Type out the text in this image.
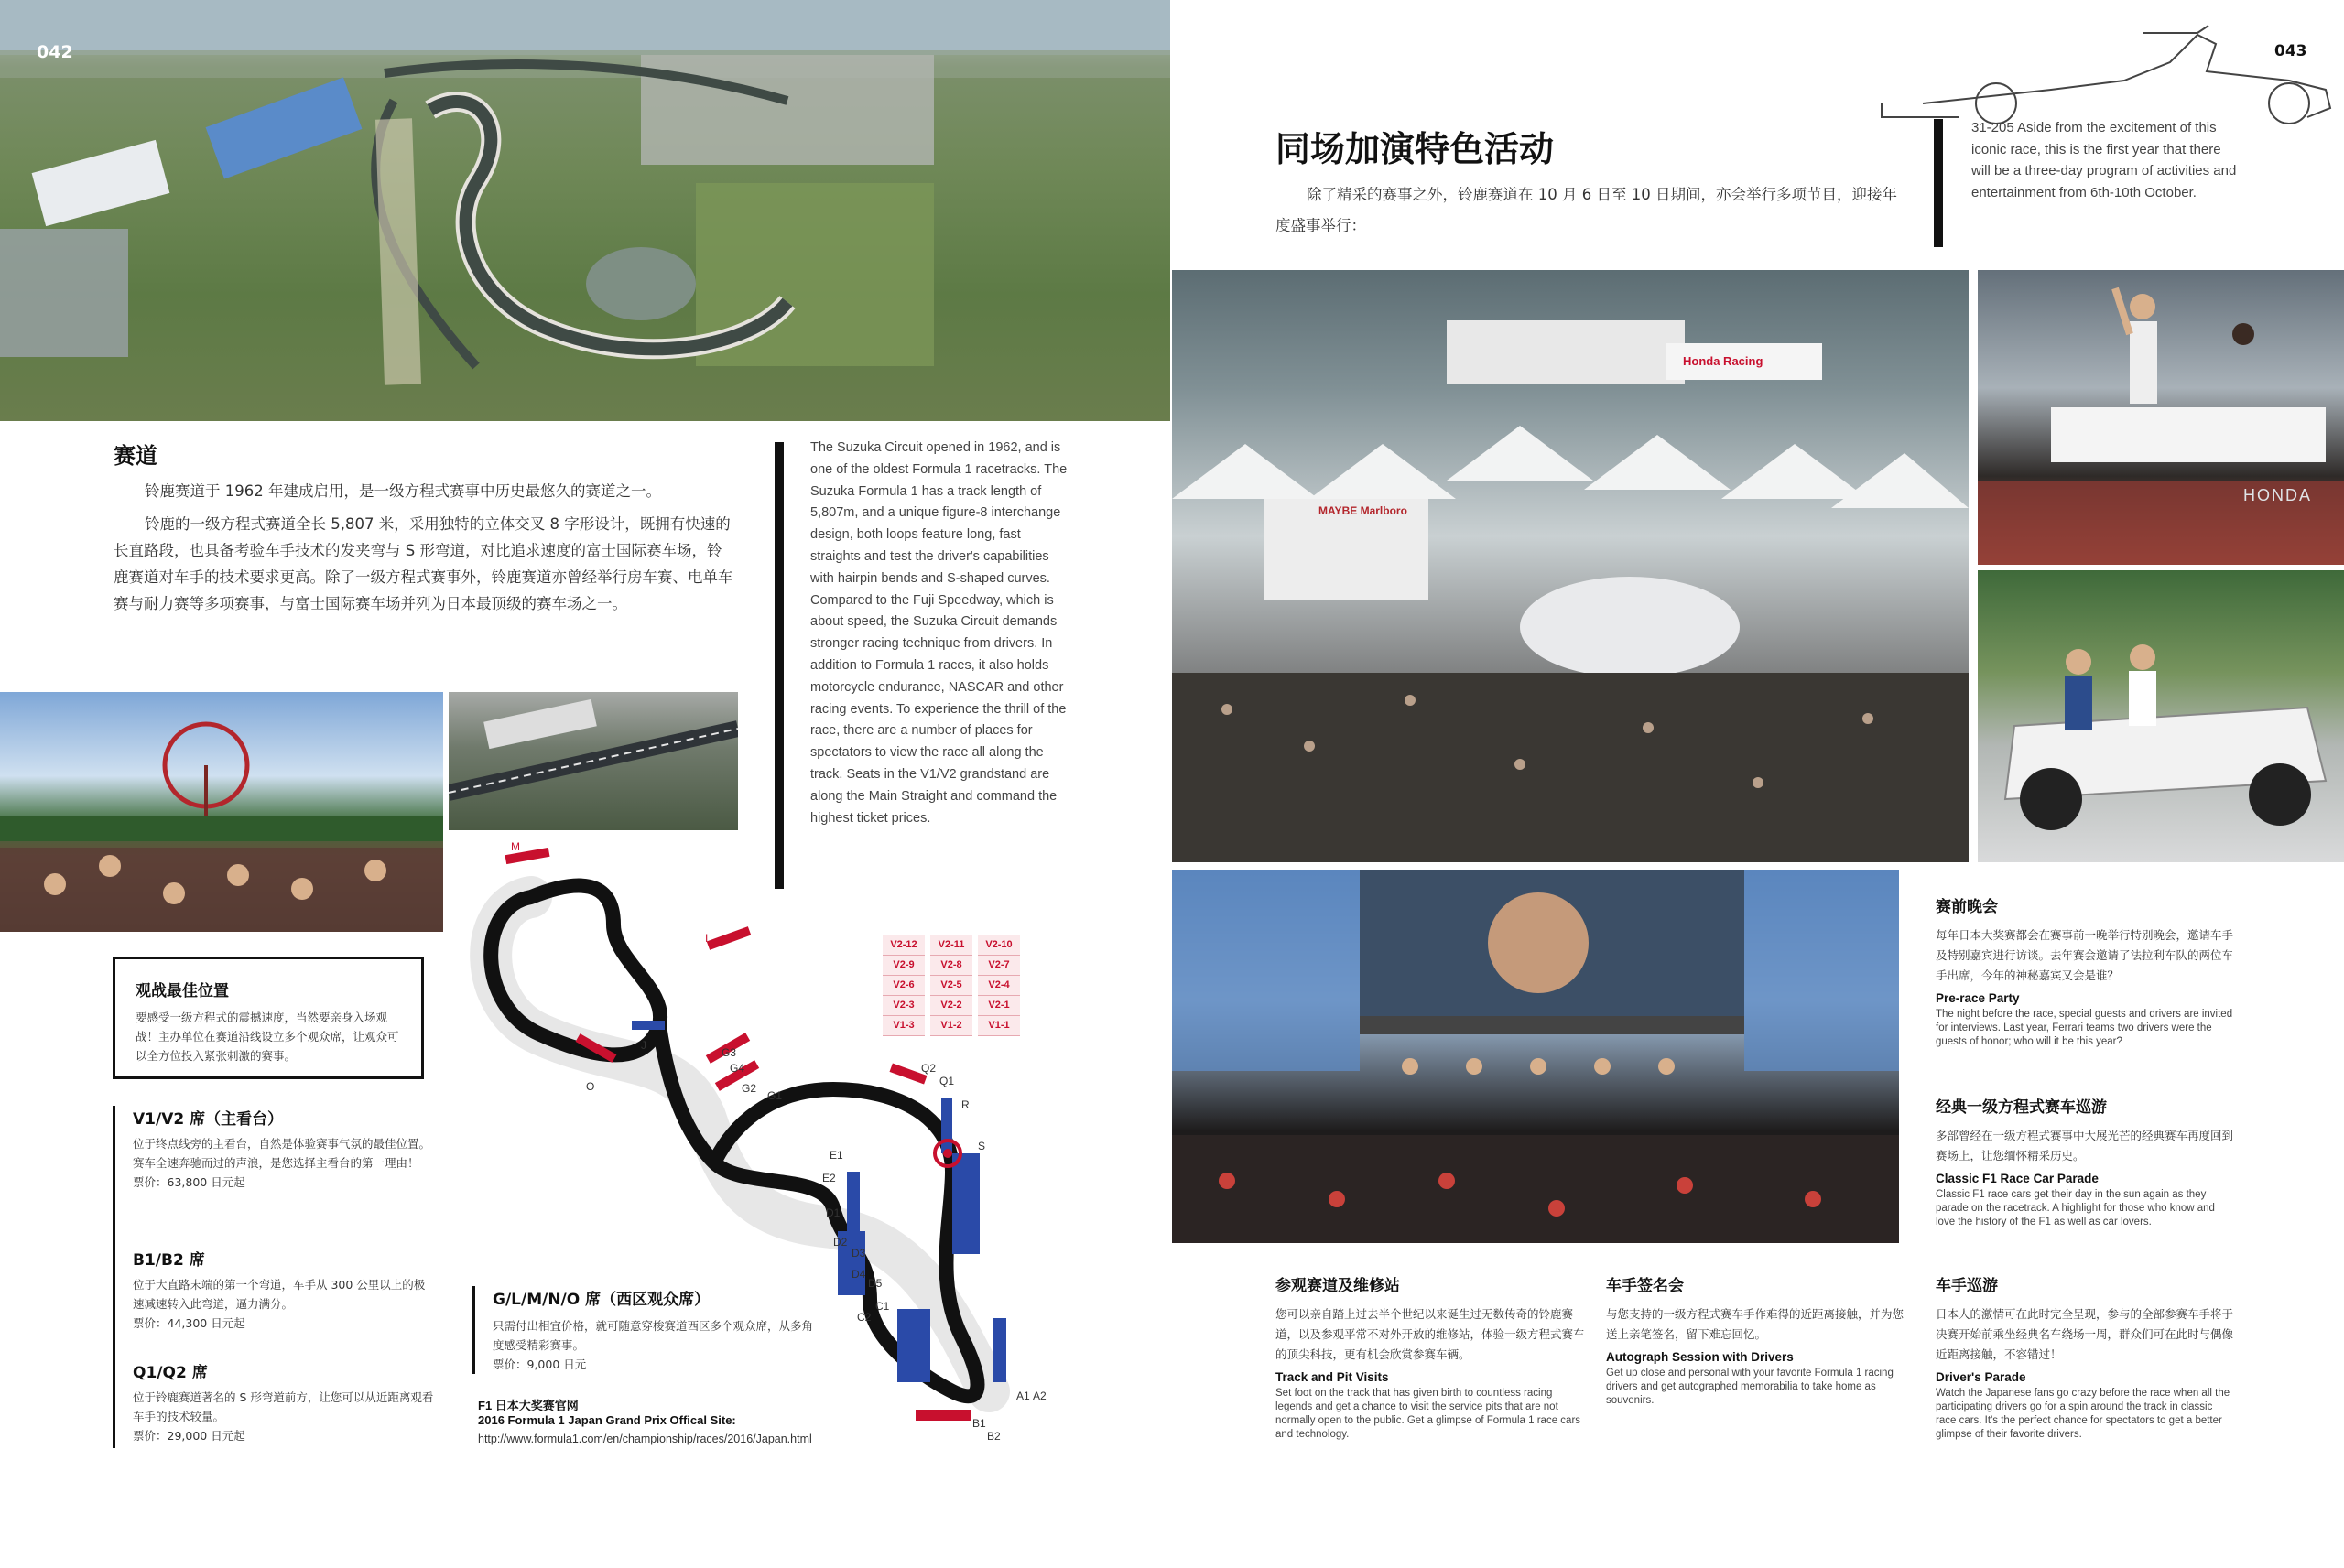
042
赛道
铃鹿赛道于 1962 年建成启用，是一级方程式赛事中历史最悠久的赛道之一。
铃鹿的一级方程式赛道全长 5,807 米，采用独特的立体交叉 8 字形设计，既拥有快速的长直路段，也具备考验车手技术的发夹弯与 S 形弯道，对比追求速度的富士国际赛车场，铃鹿赛道对车手的技术要求更高。除了一级方程式赛事外，铃鹿赛道亦曾经举行房车赛、电单车赛与耐力赛等多项赛事，与富士国际赛车场并列为日本最顶级的赛车场之一。
The Suzuka Circuit opened in 1962, and is one of the oldest Formula 1 racetracks. The Suzuka Formula 1 has a track length of 5,807m, and a unique figure-8 interchange design, both loops feature long, fast straights and test the driver's capabilities with hairpin bends and S-shaped curves. Compared to the Fuji Speedway, which is about speed, the Suzuka Circuit demands stronger racing technique from drivers. In addition to Formula 1 races, it also holds motorcycle endurance, NASCAR and other racing events. To experience the thrill of the race, there are a number of places for spectators to view the race all along the track. Seats in the V1/V2 grandstand are along the Main Straight and command the highest ticket prices.
观战最佳位置
要感受一级方程式的震撼速度，当然要亲身入场观战！主办单位在赛道沿线设立多个观众席，让观众可以全方位投入紧张刺激的赛事。
V1/V2 席（主看台）
位于终点线旁的主看台，自然是体验赛事气氛的最佳位置。赛车全速奔驰而过的声浪，是您选择主看台的第一理由！
票价：63,800 日元起
B1/B2 席
位于大直路末端的第一个弯道，车手从 300 公里以上的极速减速转入此弯道，逼力满分。
票价：44,300 日元起
Q1/Q2 席
位于铃鹿赛道著名的 S 形弯道前方，让您可以从近距离观看车手的技术较量。
票价：29,000 日元起
G/L/M/N/O 席（西区观众席）
只需付出相宜价格，就可随意穿梭赛道西区多个观众席，从多角度感受精彩赛事。
票价：9,000 日元
F1 日本大奖赛官网
2016 Formula 1 Japan Grand Prix Offical Site:
http://www.formula1.com/en/championship/races/2016/Japan.html
M
I
J
O
G3
G4
G2
G1
Q2
Q1
R
S
E1
E2
D1
D2
D3
D4
D5
C1
C2
B1
B2
A1 A2
V2-12
V2-9
V2-6
V2-3
V1-3
V2-11
V2-8
V2-5
V2-2
V1-2
V2-10
V2-7
V2-4
V2-1
V1-1
043
同场加演特色活动
除了精采的赛事之外，铃鹿赛道在 10 月 6 日至 10 日期间，亦会举行多项节目，迎接年度盛事举行：
31-205 Aside from the excitement of this iconic race, this is the first year that there will be a three-day program of activities and entertainment from 6th-10th October.
Honda Racing
MAYBE Marlboro
HONDA
赛前晚会
每年日本大奖赛都会在赛事前一晚举行特别晚会，邀请车手及特别嘉宾进行访谈。去年赛会邀请了法拉利车队的两位车手出席，今年的神秘嘉宾又会是谁？
Pre-race Party
The night before the race, special guests and drivers are invited for interviews. Last year, Ferrari teams two drivers were the guests of honor; who will it be this year?
经典一级方程式赛车巡游
多部曾经在一级方程式赛事中大展光芒的经典赛车再度回到赛场上，让您缅怀精采历史。
Classic F1 Race Car Parade
Classic F1 race cars get their day in the sun again as they parade on the racetrack. A highlight for those who know and love the history of the F1 as well as car lovers.
参观赛道及维修站
您可以亲自踏上过去半个世纪以来诞生过无数传奇的铃鹿赛道，以及参观平常不对外开放的维修站，体验一级方程式赛车的顶尖科技，更有机会欣赏参赛车辆。
Track and Pit Visits
Set foot on the track that has given birth to countless racing legends and get a chance to visit the service pits that are not normally open to the public. Get a glimpse of Formula 1 race cars and technology.
车手签名会
与您支持的一级方程式赛车手作难得的近距离接触，并为您送上亲笔签名，留下难忘回忆。
Autograph Session with Drivers
Get up close and personal with your favorite Formula 1 racing drivers and get autographed memorabilia to take home as souvenirs.
车手巡游
日本人的激情可在此时完全呈现，参与的全部参赛车手将于决赛开始前乘坐经典名车绕场一周，群众们可在此时与偶像近距离接触，不容错过！
Driver's Parade
Watch the Japanese fans go crazy before the race when all the participating drivers go for a spin around the track in classic race cars. It's the perfect chance for spectators to get a better glimpse of their favorite drivers.
